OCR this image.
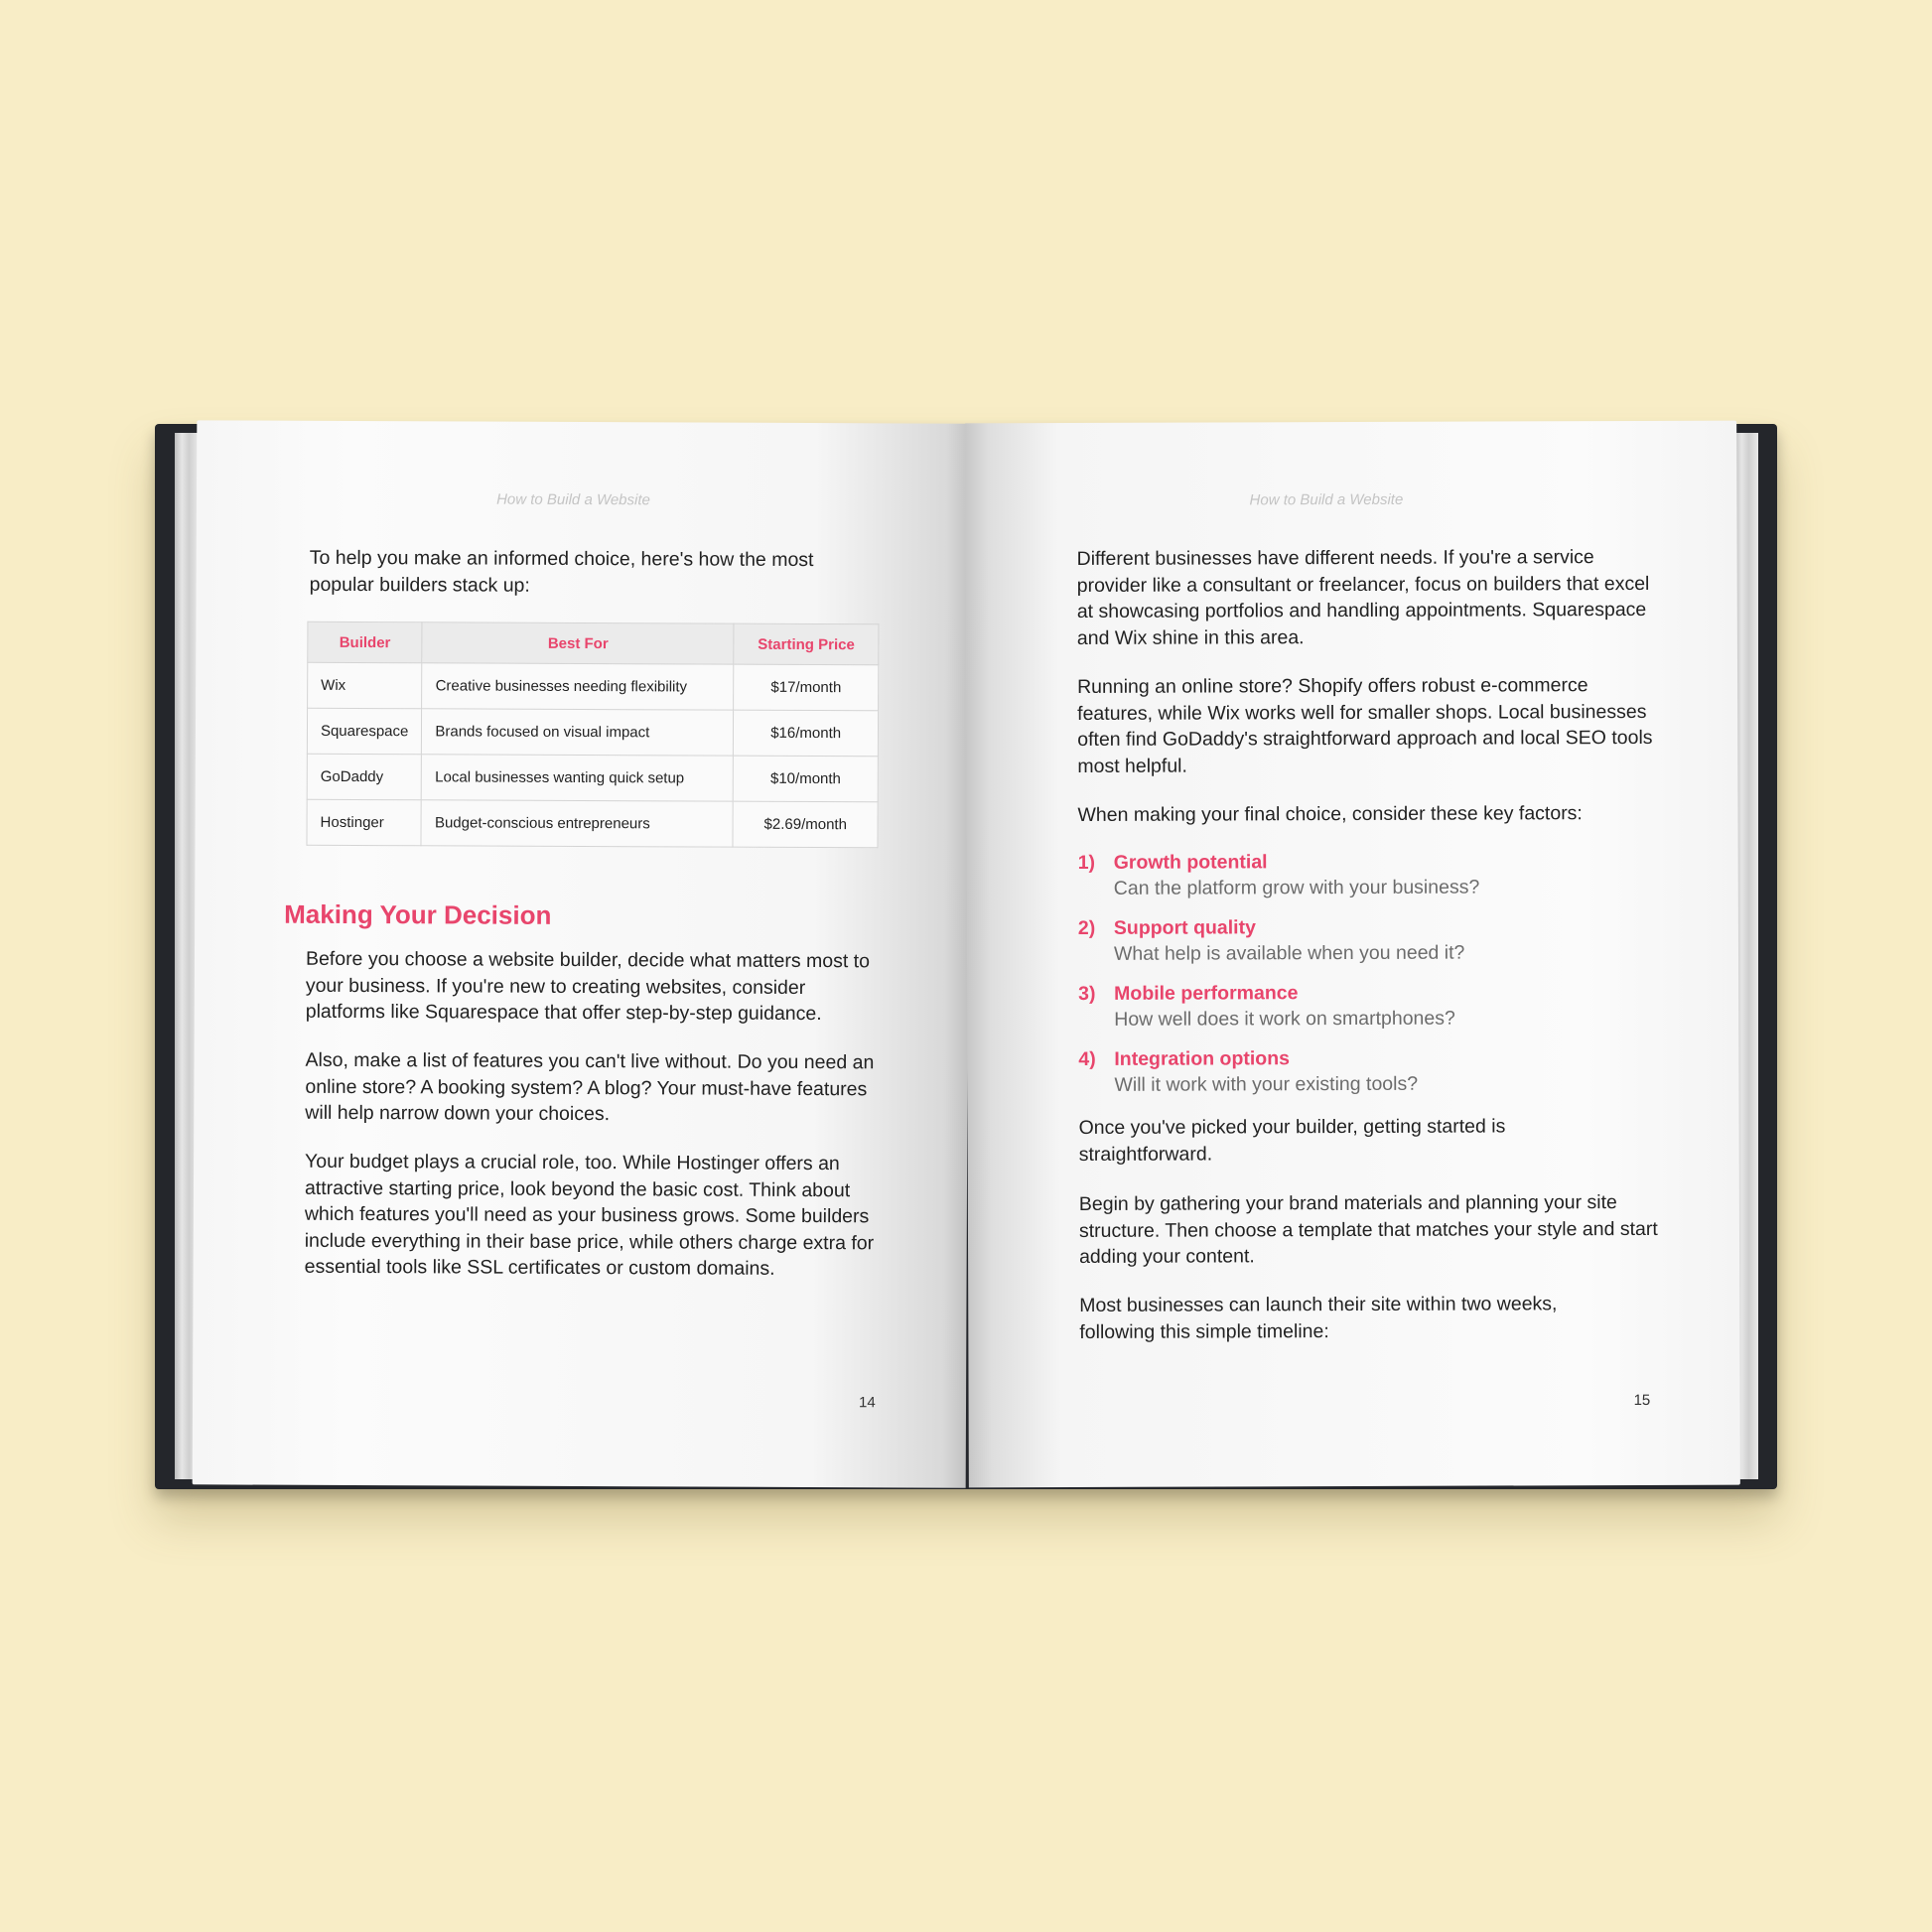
How to Build a Website

To help you make an informed choice, here's how the most popular builders stack up:

Builder	Best For	Starting Price
Wix	Creative businesses needing flexibility	$17/month
Squarespace	Brands focused on visual impact	$16/month
GoDaddy	Local businesses wanting quick setup	$10/month
Hostinger	Budget-conscious entrepreneurs	$2.69/month
Making Your Decision

Before you choose a website builder, decide what matters most to your business. If you're new to creating websites, consider platforms like Squarespace that offer step-by-step guidance.

Also, make a list of features you can't live without. Do you need an online store? A booking system? A blog? Your must-have features will help narrow down your choices.

Your budget plays a crucial role, too. While Hostinger offers an attractive starting price, look beyond the basic cost. Think about which features you'll need as your business grows. Some builders include everything in their base price, while others charge extra for essential tools like SSL certificates or custom domains.

14
How to Build a Website

Different businesses have different needs. If you're a service provider like a consultant or freelancer, focus on builders that excel at showcasing portfolios and handling appointments. Squarespace and Wix shine in this area.

Running an online store? Shopify offers robust e-commerce features, while Wix works well for smaller shops. Local businesses often find GoDaddy's straightforward approach and local SEO tools most helpful.

When making your final choice, consider these key factors:

1) Growth potential
Can the platform grow with your business?
2) Support quality
What help is available when you need it?
3) Mobile performance
How well does it work on smartphones?
4) Integration options
Will it work with your existing tools?

Once you've picked your builder, getting started is straightforward.

Begin by gathering your brand materials and planning your site structure. Then choose a template that matches your style and start adding your content.

Most businesses can launch their site within two weeks, following this simple timeline:

15
